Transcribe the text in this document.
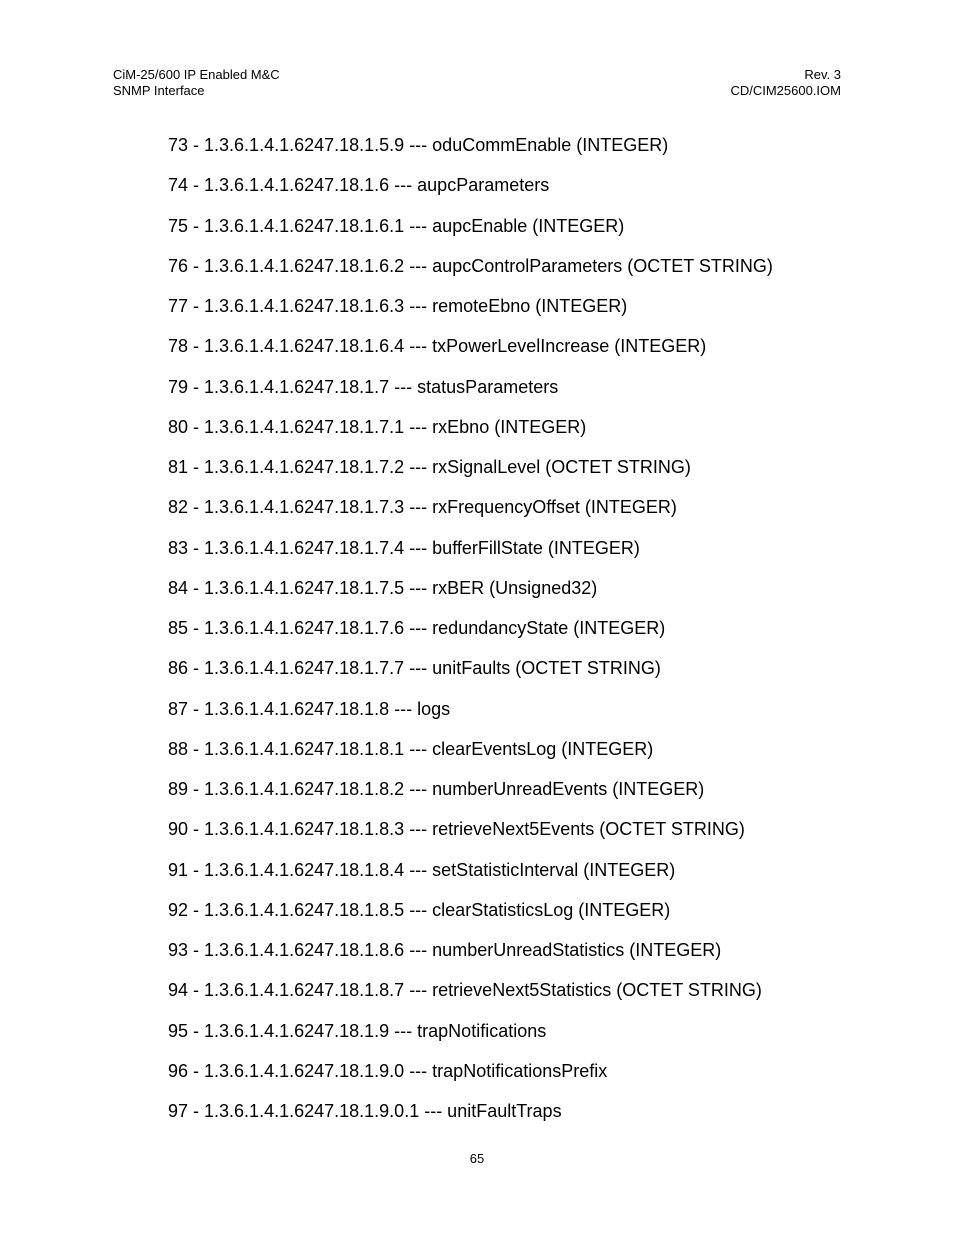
CiM-25/600 IP Enabled M&C
SNMP Interface
Rev. 3
CD/CIM25600.IOM
73 - 1.3.6.1.4.1.6247.18.1.5.9 --- oduCommEnable (INTEGER)
74 - 1.3.6.1.4.1.6247.18.1.6 --- aupcParameters
75 - 1.3.6.1.4.1.6247.18.1.6.1 --- aupcEnable (INTEGER)
76 - 1.3.6.1.4.1.6247.18.1.6.2 --- aupcControlParameters (OCTET STRING)
77 - 1.3.6.1.4.1.6247.18.1.6.3 --- remoteEbno (INTEGER)
78 - 1.3.6.1.4.1.6247.18.1.6.4 --- txPowerLevelIncrease (INTEGER)
79 - 1.3.6.1.4.1.6247.18.1.7 --- statusParameters
80 - 1.3.6.1.4.1.6247.18.1.7.1 --- rxEbno (INTEGER)
81 - 1.3.6.1.4.1.6247.18.1.7.2 --- rxSignalLevel (OCTET STRING)
82 - 1.3.6.1.4.1.6247.18.1.7.3 --- rxFrequencyOffset (INTEGER)
83 - 1.3.6.1.4.1.6247.18.1.7.4 --- bufferFillState (INTEGER)
84 - 1.3.6.1.4.1.6247.18.1.7.5 --- rxBER (Unsigned32)
85 - 1.3.6.1.4.1.6247.18.1.7.6 --- redundancyState (INTEGER)
86 - 1.3.6.1.4.1.6247.18.1.7.7 --- unitFaults (OCTET STRING)
87 - 1.3.6.1.4.1.6247.18.1.8 --- logs
88 - 1.3.6.1.4.1.6247.18.1.8.1 --- clearEventsLog (INTEGER)
89 - 1.3.6.1.4.1.6247.18.1.8.2 --- numberUnreadEvents (INTEGER)
90 - 1.3.6.1.4.1.6247.18.1.8.3 --- retrieveNext5Events (OCTET STRING)
91 - 1.3.6.1.4.1.6247.18.1.8.4 --- setStatisticInterval (INTEGER)
92 - 1.3.6.1.4.1.6247.18.1.8.5 --- clearStatisticsLog (INTEGER)
93 - 1.3.6.1.4.1.6247.18.1.8.6 --- numberUnreadStatistics (INTEGER)
94 - 1.3.6.1.4.1.6247.18.1.8.7 --- retrieveNext5Statistics (OCTET STRING)
95 - 1.3.6.1.4.1.6247.18.1.9 --- trapNotifications
96 - 1.3.6.1.4.1.6247.18.1.9.0 --- trapNotificationsPrefix
97 - 1.3.6.1.4.1.6247.18.1.9.0.1 --- unitFaultTraps
65
